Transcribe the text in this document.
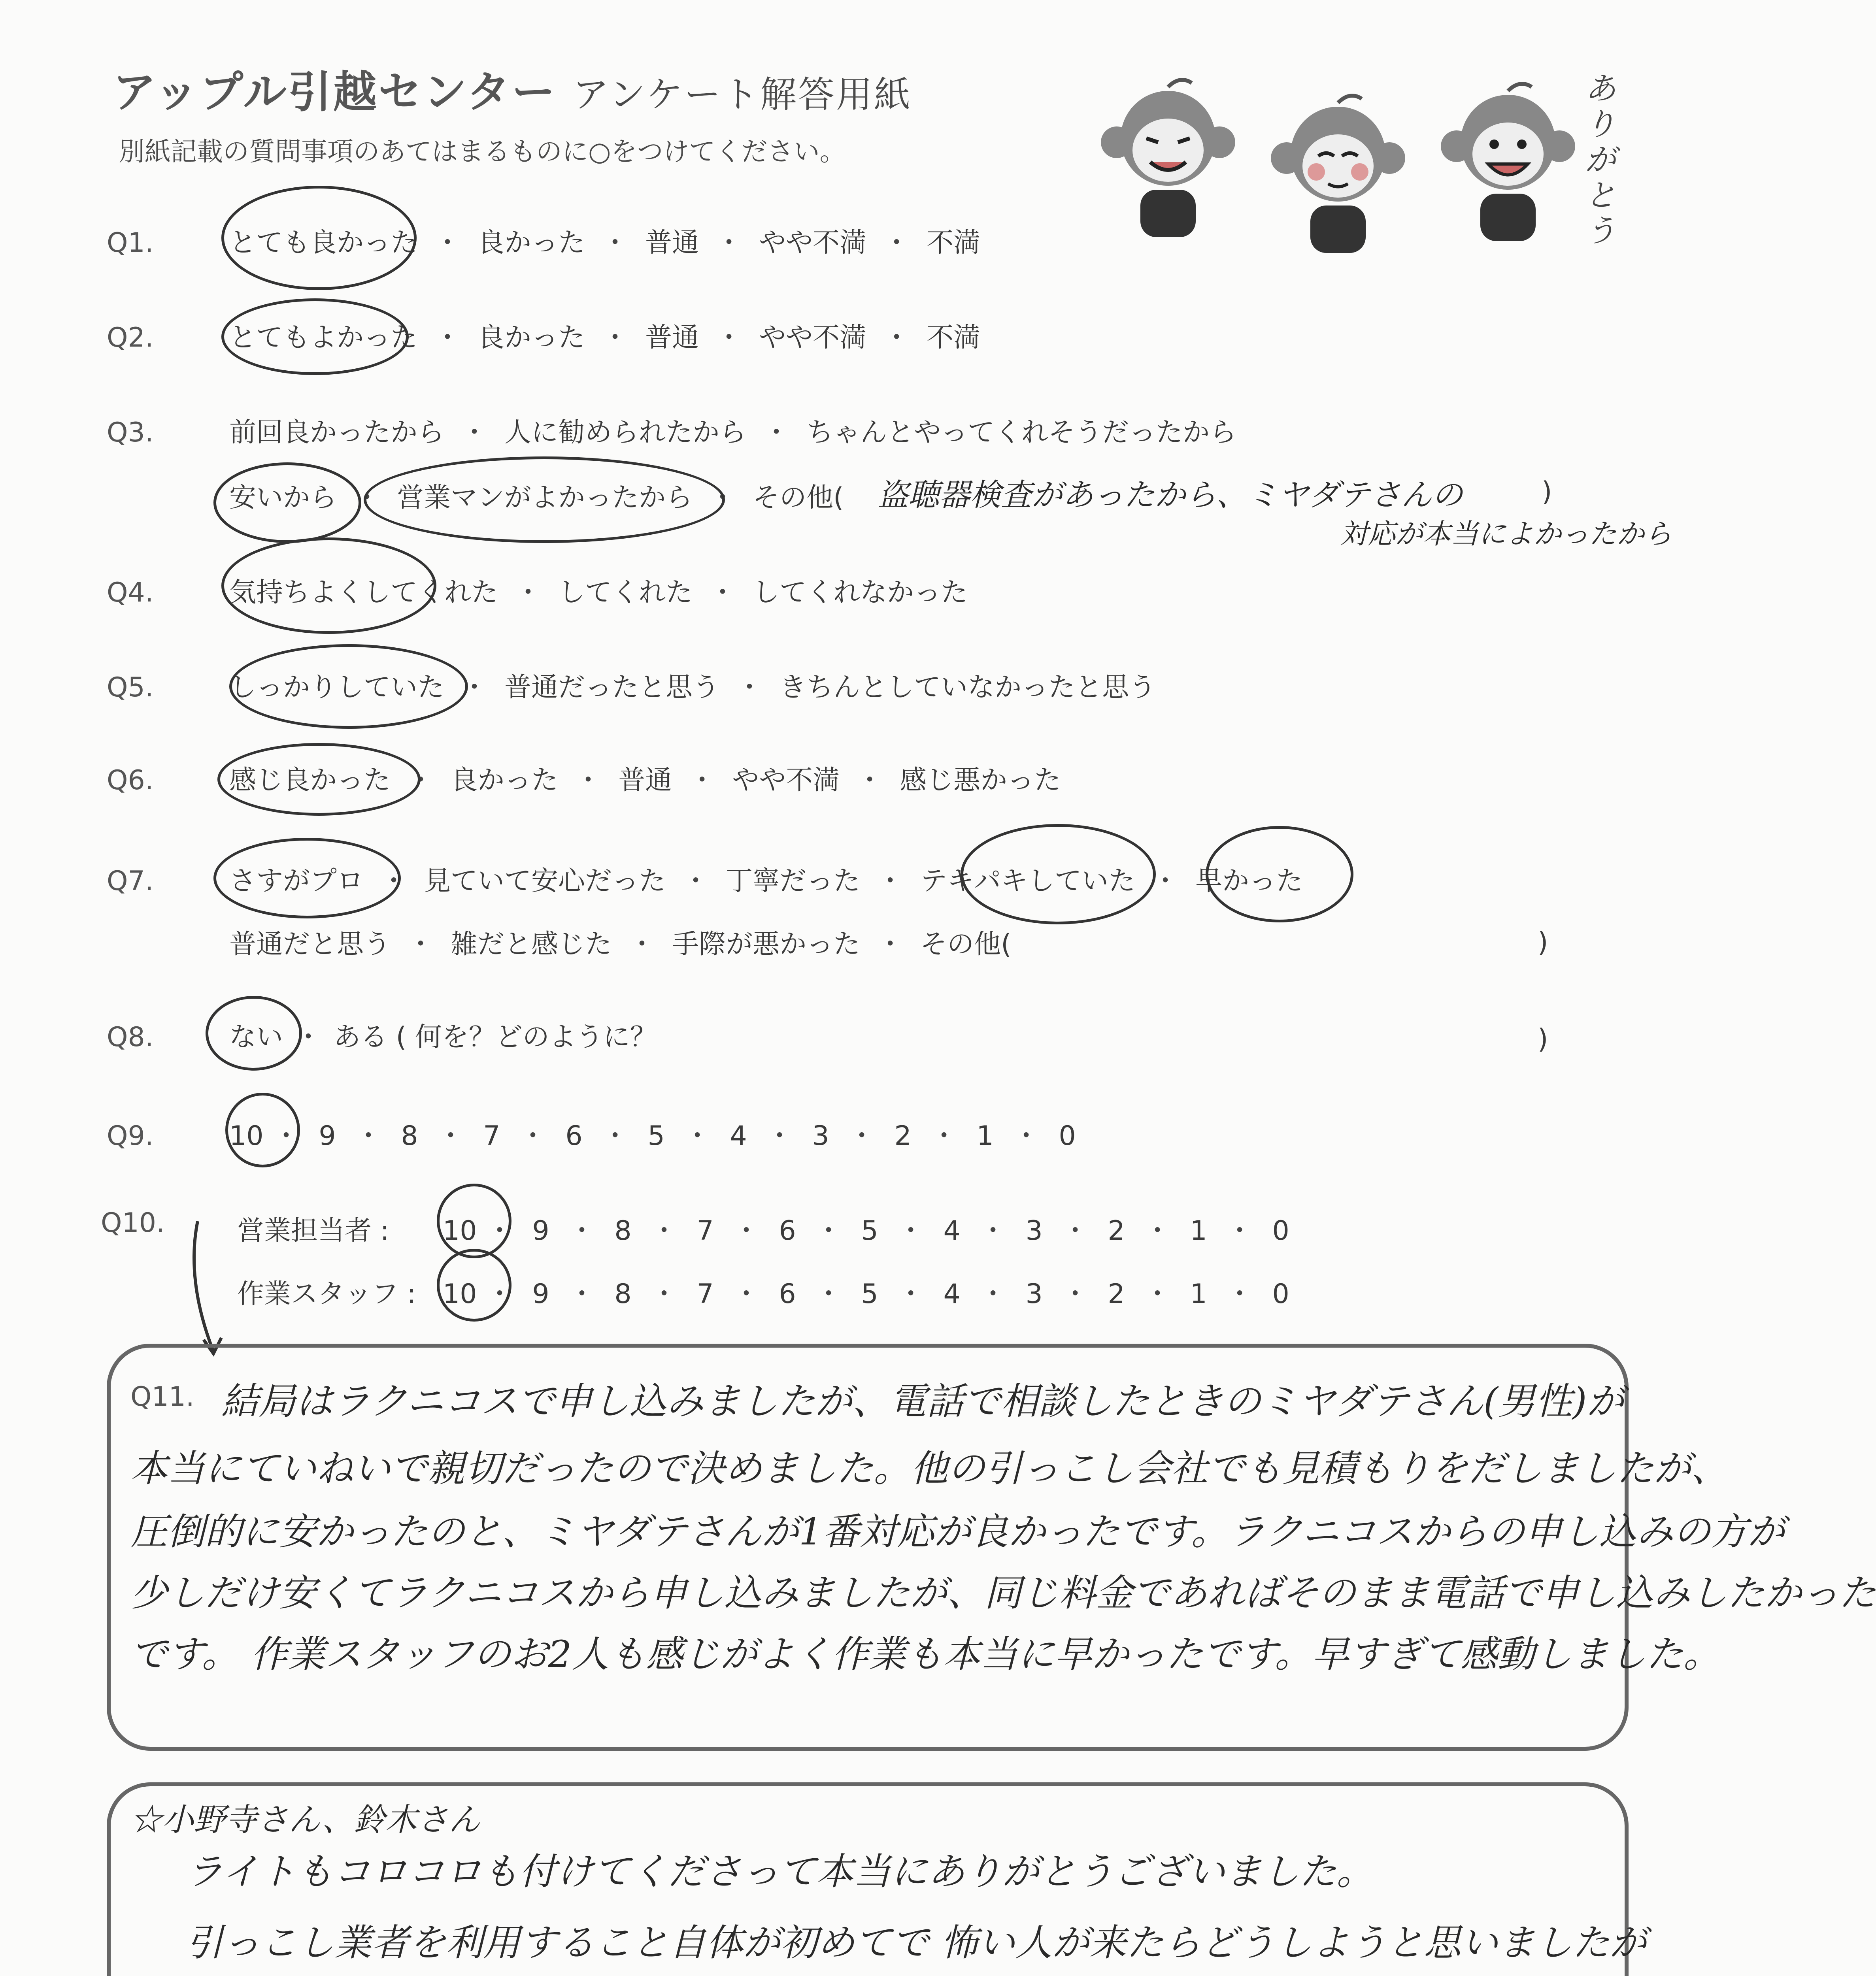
アップル引越センター アンケート解答用紙
別紙記載の質問事項のあてはまるものに○をつけてください。
ありがとう
Q1.	とても良かった ・ 良かった ・ 普通 ・ やや不満 ・ 不満
Q2.	とてもよかった ・ 良かった ・ 普通 ・ やや不満 ・ 不満
Q3.	前回良かったから ・ 人に勧められたから ・ ちゃんとやってくれそうだったから
安いから ・ 営業マンがよかったから ・ その他( 盗聴器検査があったから、ミヤダテさんの	)
対応が本当によかったから
Q4.	気持ちよくしてくれた ・ してくれた ・ してくれなかった
Q5.	しっかりしていた ・ 普通だったと思う ・ きちんとしていなかったと思う
Q6.	感じ良かった ・ 良かった ・ 普通 ・ やや不満 ・ 感じ悪かった
Q7.	さすがプロ ・ 見ていて安心だった ・ 丁寧だった ・ テキパキしていた ・ 早かった
普通だと思う ・ 雑だと感じた ・ 手際が悪かった ・ その他(	)
Q8.	ない ・ ある ( 何を？どのように？	)
Q9.	10 ・ 9 ・ 8 ・ 7 ・ 6 ・ 5 ・ 4 ・ 3 ・ 2 ・ 1 ・ 0
Q10.	営業担当者 : 10 ・ 9 ・ 8 ・ 7 ・ 6 ・ 5 ・ 4 ・ 3 ・ 2 ・ 1 ・ 0
作業スタッフ : 10 ・ 9 ・ 8 ・ 7 ・ 6 ・ 5 ・ 4 ・ 3 ・ 2 ・ 1 ・ 0
Q11. 結局はラクニコスで申し込みましたが、電話で相談したときのミヤダテさん(男性)が
本当にていねいで親切だったので決めました。他の引っこし会社でも見積もりをだしましたが、
圧倒的に安かったのと、ミヤダテさんが1番対応が良かったです。ラクニコスからの申し込みの方が
少しだけ安くてラクニコスから申し込みましたが、同じ料金であればそのまま電話で申し込みしたかった
です。 作業スタッフのお2人も感じがよく作業も本当に早かったです。早すぎて感動しました。
☆小野寺さん、鈴木さん
ライトもコロコロも付けてくださって本当にありがとうございました。
引っこし業者を利用すること自体が初めてで 怖い人が来たらどうしようと思いましたが
